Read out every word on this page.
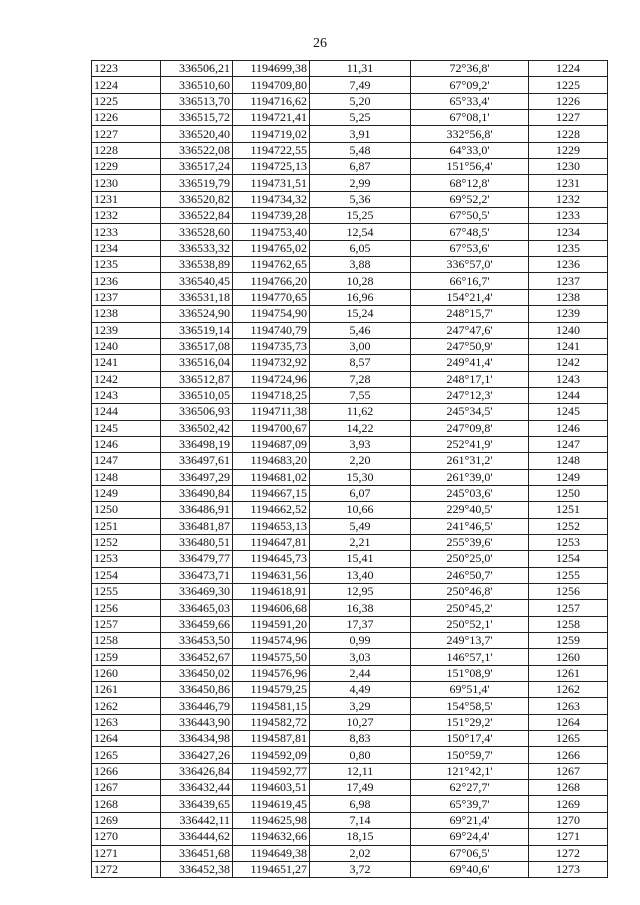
26
1223	336506,21	1194699,38	11,31	72°36,8'	1224
1224	336510,60	1194709,80	7,49	67°09,2'	1225
1225	336513,70	1194716,62	5,20	65°33,4'	1226
1226	336515,72	1194721,41	5,25	67°08,1'	1227
1227	336520,40	1194719,02	3,91	332°56,8'	1228
1228	336522,08	1194722,55	5,48	64°33,0'	1229
1229	336517,24	1194725,13	6,87	151°56,4'	1230
1230	336519,79	1194731,51	2,99	68°12,8'	1231
1231	336520,82	1194734,32	5,36	69°52,2'	1232
1232	336522,84	1194739,28	15,25	67°50,5'	1233
1233	336528,60	1194753,40	12,54	67°48,5'	1234
1234	336533,32	1194765,02	6,05	67°53,6'	1235
1235	336538,89	1194762,65	3,88	336°57,0'	1236
1236	336540,45	1194766,20	10,28	66°16,7'	1237
1237	336531,18	1194770,65	16,96	154°21,4'	1238
1238	336524,90	1194754,90	15,24	248°15,7'	1239
1239	336519,14	1194740,79	5,46	247°47,6'	1240
1240	336517,08	1194735,73	3,00	247°50,9'	1241
1241	336516,04	1194732,92	8,57	249°41,4'	1242
1242	336512,87	1194724,96	7,28	248°17,1'	1243
1243	336510,05	1194718,25	7,55	247°12,3'	1244
1244	336506,93	1194711,38	11,62	245°34,5'	1245
1245	336502,42	1194700,67	14,22	247°09,8'	1246
1246	336498,19	1194687,09	3,93	252°41,9'	1247
1247	336497,61	1194683,20	2,20	261°31,2'	1248
1248	336497,29	1194681,02	15,30	261°39,0'	1249
1249	336490,84	1194667,15	6,07	245°03,6'	1250
1250	336486,91	1194662,52	10,66	229°40,5'	1251
1251	336481,87	1194653,13	5,49	241°46,5'	1252
1252	336480,51	1194647,81	2,21	255°39,6'	1253
1253	336479,77	1194645,73	15,41	250°25,0'	1254
1254	336473,71	1194631,56	13,40	246°50,7'	1255
1255	336469,30	1194618,91	12,95	250°46,8'	1256
1256	336465,03	1194606,68	16,38	250°45,2'	1257
1257	336459,66	1194591,20	17,37	250°52,1'	1258
1258	336453,50	1194574,96	0,99	249°13,7'	1259
1259	336452,67	1194575,50	3,03	146°57,1'	1260
1260	336450,02	1194576,96	2,44	151°08,9'	1261
1261	336450,86	1194579,25	4,49	69°51,4'	1262
1262	336446,79	1194581,15	3,29	154°58,5'	1263
1263	336443,90	1194582,72	10,27	151°29,2'	1264
1264	336434,98	1194587,81	8,83	150°17,4'	1265
1265	336427,26	1194592,09	0,80	150°59,7'	1266
1266	336426,84	1194592,77	12,11	121°42,1'	1267
1267	336432,44	1194603,51	17,49	62°27,7'	1268
1268	336439,65	1194619,45	6,98	65°39,7'	1269
1269	336442,11	1194625,98	7,14	69°21,4'	1270
1270	336444,62	1194632,66	18,15	69°24,4'	1271
1271	336451,68	1194649,38	2,02	67°06,5'	1272
1272	336452,38	1194651,27	3,72	69°40,6'	1273
